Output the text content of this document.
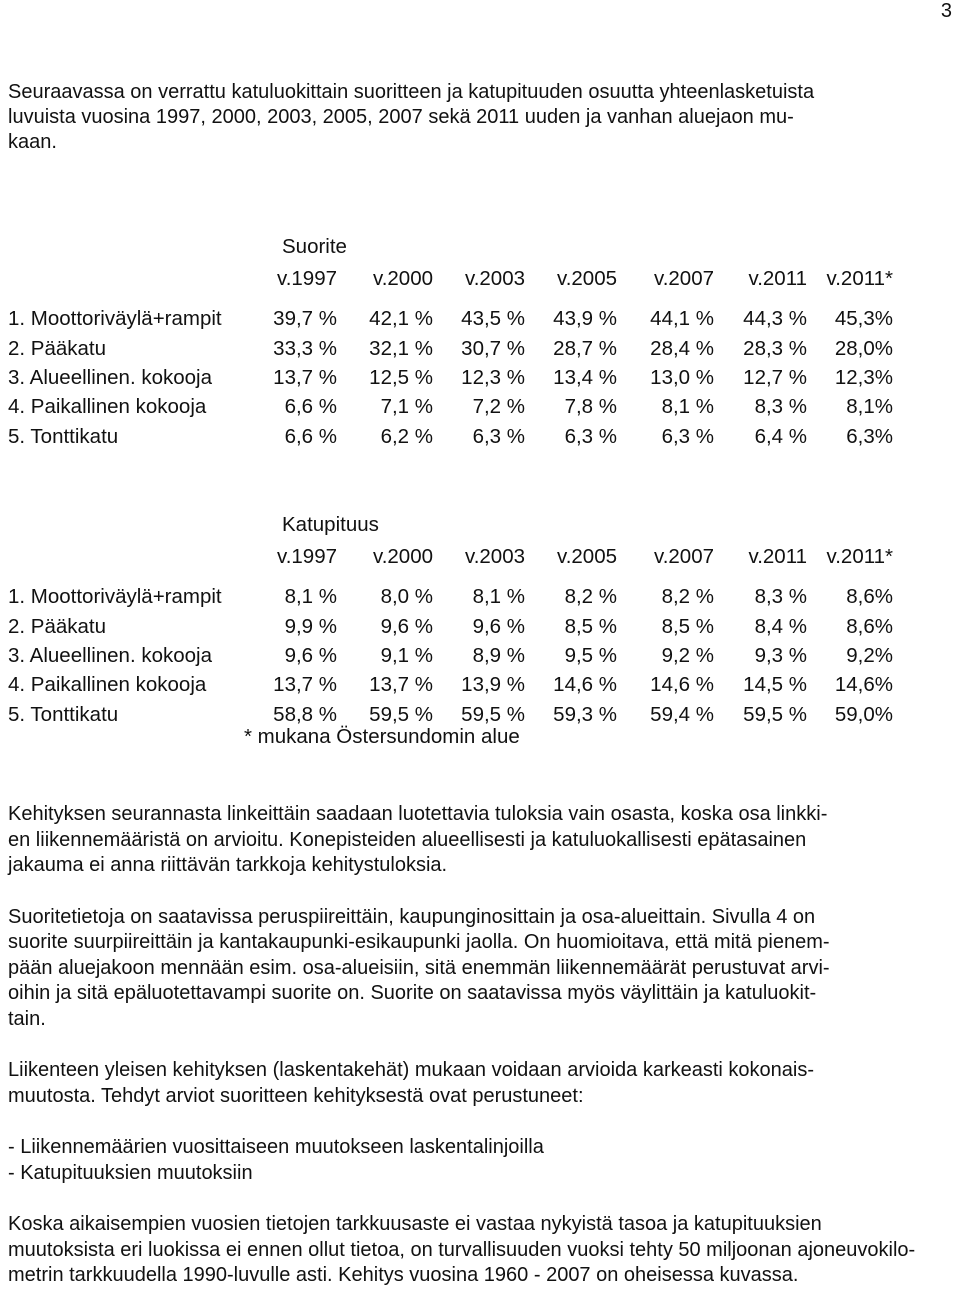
3
Seuraavassa on verrattu katuluokittain suoritteen ja katupituuden osuutta yhteenlasketuista
luvuista vuosina 1997, 2000, 2003, 2005, 2007 sekä 2011 uuden ja vanhan aluejaon mu-
kaan.
Suorite
v.1997 v.2000 v.2003 v.2005 v.2007 v.2011 v.2011*
1. Moottoriväylä+rampit	39,7 % 42,1 % 43,5 % 43,9 % 44,1 % 44,3 % 45,3%
2. Pääkatu	33,3 % 32,1 % 30,7 % 28,7 % 28,4 % 28,3 % 28,0%
3. Alueellinen. kokooja	13,7 % 12,5 % 12,3 % 13,4 % 13,0 % 12,7 % 12,3%
4. Paikallinen kokooja	6,6 % 7,1 % 7,2 % 7,8 % 8,1 % 8,3 % 8,1%
5. Tonttikatu	6,6 % 6,2 % 6,3 % 6,3 % 6,3 % 6,4 % 6,3%
Katupituus
v.1997 v.2000 v.2003 v.2005 v.2007 v.2011 v.2011*
1. Moottoriväylä+rampit	8,1 % 8,0 % 8,1 % 8,2 % 8,2 % 8,3 % 8,6%
2. Pääkatu	9,9 % 9,6 % 9,6 % 8,5 % 8,5 % 8,4 % 8,6%
3. Alueellinen. kokooja	9,6 % 9,1 % 8,9 % 9,5 % 9,2 % 9,3 % 9,2%
4. Paikallinen kokooja	13,7 % 13,7 % 13,9 % 14,6 % 14,6 % 14,5 % 14,6%
5. Tonttikatu	58,8 % 59,5 % 59,5 % 59,3 % 59,4 % 59,5 % 59,0%
* mukana Östersundomin alue

Kehityksen seurannasta linkeittäin saadaan luotettavia tuloksia vain osasta, koska osa linkki-
en liikennemääristä on arvioitu. Konepisteiden alueellisesti ja katuluokallisesti epätasainen
jakauma ei anna riittävän tarkkoja kehitystuloksia.

Suoritetietoja on saatavissa peruspiireittäin, kaupunginosittain ja osa-alueittain. Sivulla 4 on
suorite suurpiireittäin ja kantakaupunki-esikaupunki jaolla. On huomioitava, että mitä pienem-
pään aluejakoon mennään esim. osa-alueisiin, sitä enemmän liikennemäärät perustuvat arvi-
oihin ja sitä epäluotettavampi suorite on. Suorite on saatavissa myös väylittäin ja katuluokit-
tain.

Liikenteen yleisen kehityksen (laskentakehät) mukaan voidaan arvioida karkeasti kokonais-
muutosta. Tehdyt arviot suoritteen kehityksestä ovat perustuneet:

- Liikennemäärien vuosittaiseen muutokseen laskentalinjoilla
- Katupituuksien muutoksiin

Koska aikaisempien vuosien tietojen tarkkuusaste ei vastaa nykyistä tasoa ja katupituuksien
muutoksista eri luokissa ei ennen ollut tietoa, on turvallisuuden vuoksi tehty 50 miljoonan ajoneuvokilo-
metrin tarkkuudella 1990-luvulle asti. Kehitys vuosina 1960 - 2007 on oheisessa kuvassa.
